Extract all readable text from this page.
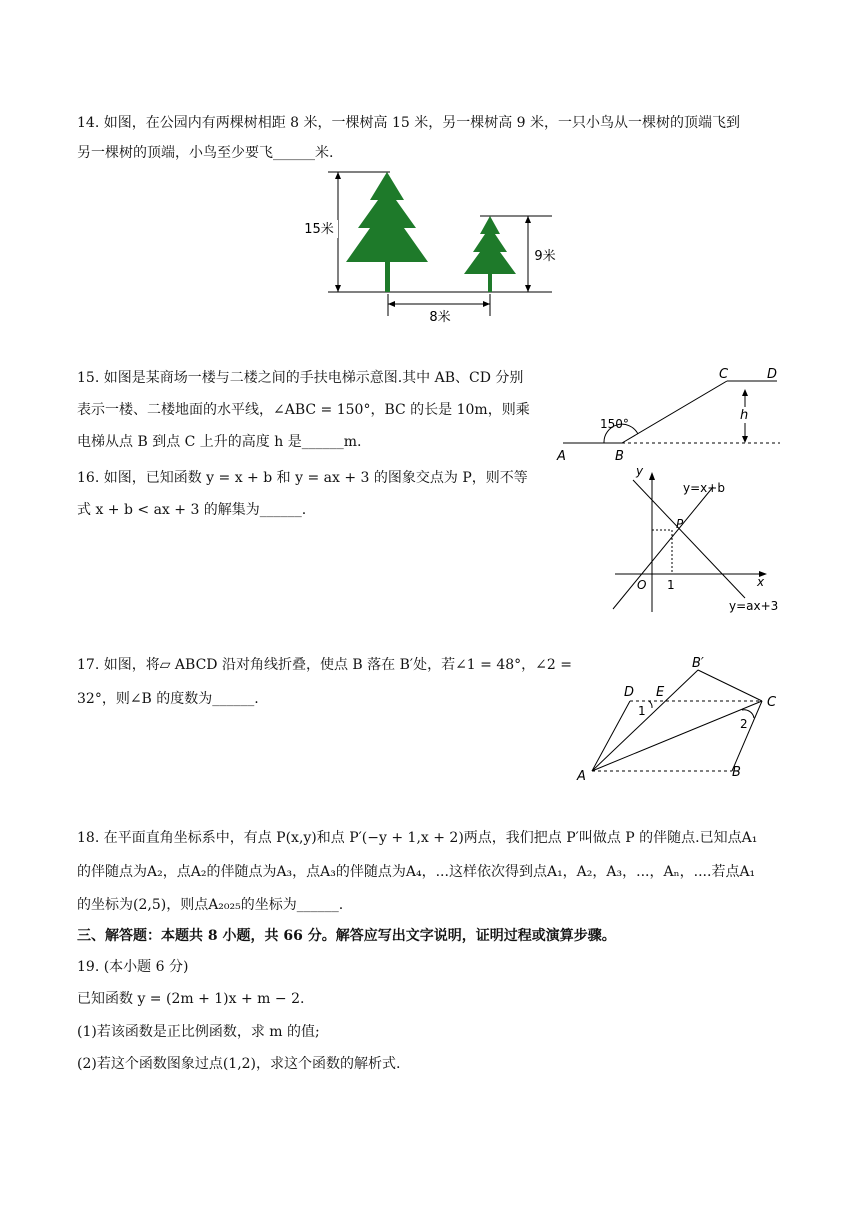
14. 如图，在公园内有两棵树相距 8 米，一棵树高 15 米，另一棵树高 9 米，一只小鸟从一棵树的顶端飞到
另一棵树的顶端，小鸟至少要飞______米.
15米
9米
8米
15. 如图是某商场一楼与二楼之间的手扶电梯示意图.其中 AB、CD 分别
表示一楼、二楼地面的水平线，∠ABC = 150°，BC 的长是 10m，则乘
电梯从点 B 到点 C 上升的高度 h 是______m.
150°
h
A	B
C	D
16. 如图，已知函数 y = x + b 和 y = ax + 3 的图象交点为 P，则不等
式 x + b < ax + 3 的解集为______.
x
y
O
P
1
y=x+b
y=ax+3
17. 如图，将▱ ABCD 沿对角线折叠，使点 B 落在 B′处，若∠1 = 48°，∠2 =
32°，则∠B 的度数为______.
1
2
D E
B′
C
A	B
18. 在平面直角坐标系中，有点 P(x,y)和点 P′(−y + 1,x + 2)两点，我们把点 P′叫做点 P 的伴随点.已知点A₁
的伴随点为A₂，点A₂的伴随点为A₃，点A₃的伴随点为A₄，...这样依次得到点A₁，A₂，A₃，...，Aₙ，....若点A₁
的坐标为(2,5)，则点A₂₀₂₅的坐标为______.
三、解答题：本题共 8 小题，共 66 分。解答应写出文字说明，证明过程或演算步骤。
19. (本小题 6 分)
已知函数 y = (2m + 1)x + m − 2.
(1)若该函数是正比例函数，求 m 的值;
(2)若这个函数图象过点(1,2)，求这个函数的解析式.
